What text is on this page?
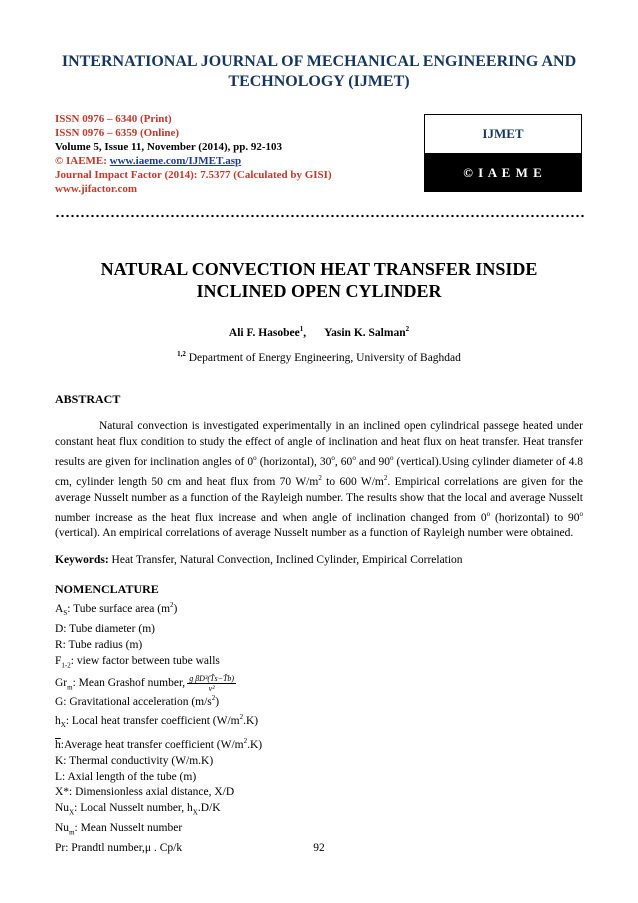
INTERNATIONAL JOURNAL OF MECHANICAL ENGINEERING AND
TECHNOLOGY (IJMET)
ISSN 0976 – 6340 (Print)
ISSN 0976 – 6359 (Online)
Volume 5, Issue 11, November (2014), pp. 92-103
© IAEME: www.iaeme.com/IJMET.asp
Journal Impact Factor (2014): 7.5377 (Calculated by GISI)
www.jifactor.com
IJMET
© I A E M E
NATURAL CONVECTION HEAT TRANSFER INSIDE
INCLINED OPEN CYLINDER
Ali F. Hasobee$^1$, Yasin K. Salman$^2$
$^{1,2}$ Department of Energy Engineering, University of Baghdad
ABSTRACT
Natural convection is investigated experimentally in an inclined open cylindrical passege heated under constant heat flux condition to study the effect of angle of inclination and heat flux on heat transfer. Heat transfer results are given for inclination angles of 0$^o$ (horizontal), 30$^o$, 60$^o$ and 90$^o$ (vertical).Using cylinder diameter of 4.8 cm, cylinder length 50 cm and heat flux from 70 $W/m^2$ to 600 $W/m^2$. Empirical correlations are given for the average Nusselt number as a function of the Rayleigh number. The results show that the local and average Nusselt number increase as the heat flux increase and when angle of inclination changed from 0$^o$ (horizontal) to 90$^o$ (vertical). An empirical correlations of average Nusselt number as a function of Rayleigh number were obtained.
Keywords: Heat Transfer, Natural Convection, Inclined Cylinder, Empirical Correlation
NOMENCLATURE
$A_S$: Tube surface area $(m^2)$
D: Tube diameter (m)
R: Tube radius (m)
$F_{1-2}$: view factor between tube walls
$Gr_m$: Mean Grashof number, $\frac{\text{g βD³(Ťs−Ťb)}}{\text{ν²}}$
G: Gravitational acceleration $(m/s^2)$
$h_X$: Local heat transfer coefficient $(W/m^2.K)$
$\overline{h}:Average$ heat transfer coefficient $(W/m^2.K)$
K: Thermal conductivity (W/m.K)
L: Axial length of the tube (m)
X*: Dimensionless axial distance, X/D
$Nu_X$: Local Nusselt number, $h_X.D/K$
$Nu_m$: Mean Nusselt number
Pr: Prandtl number,μ . Cp/k	92
